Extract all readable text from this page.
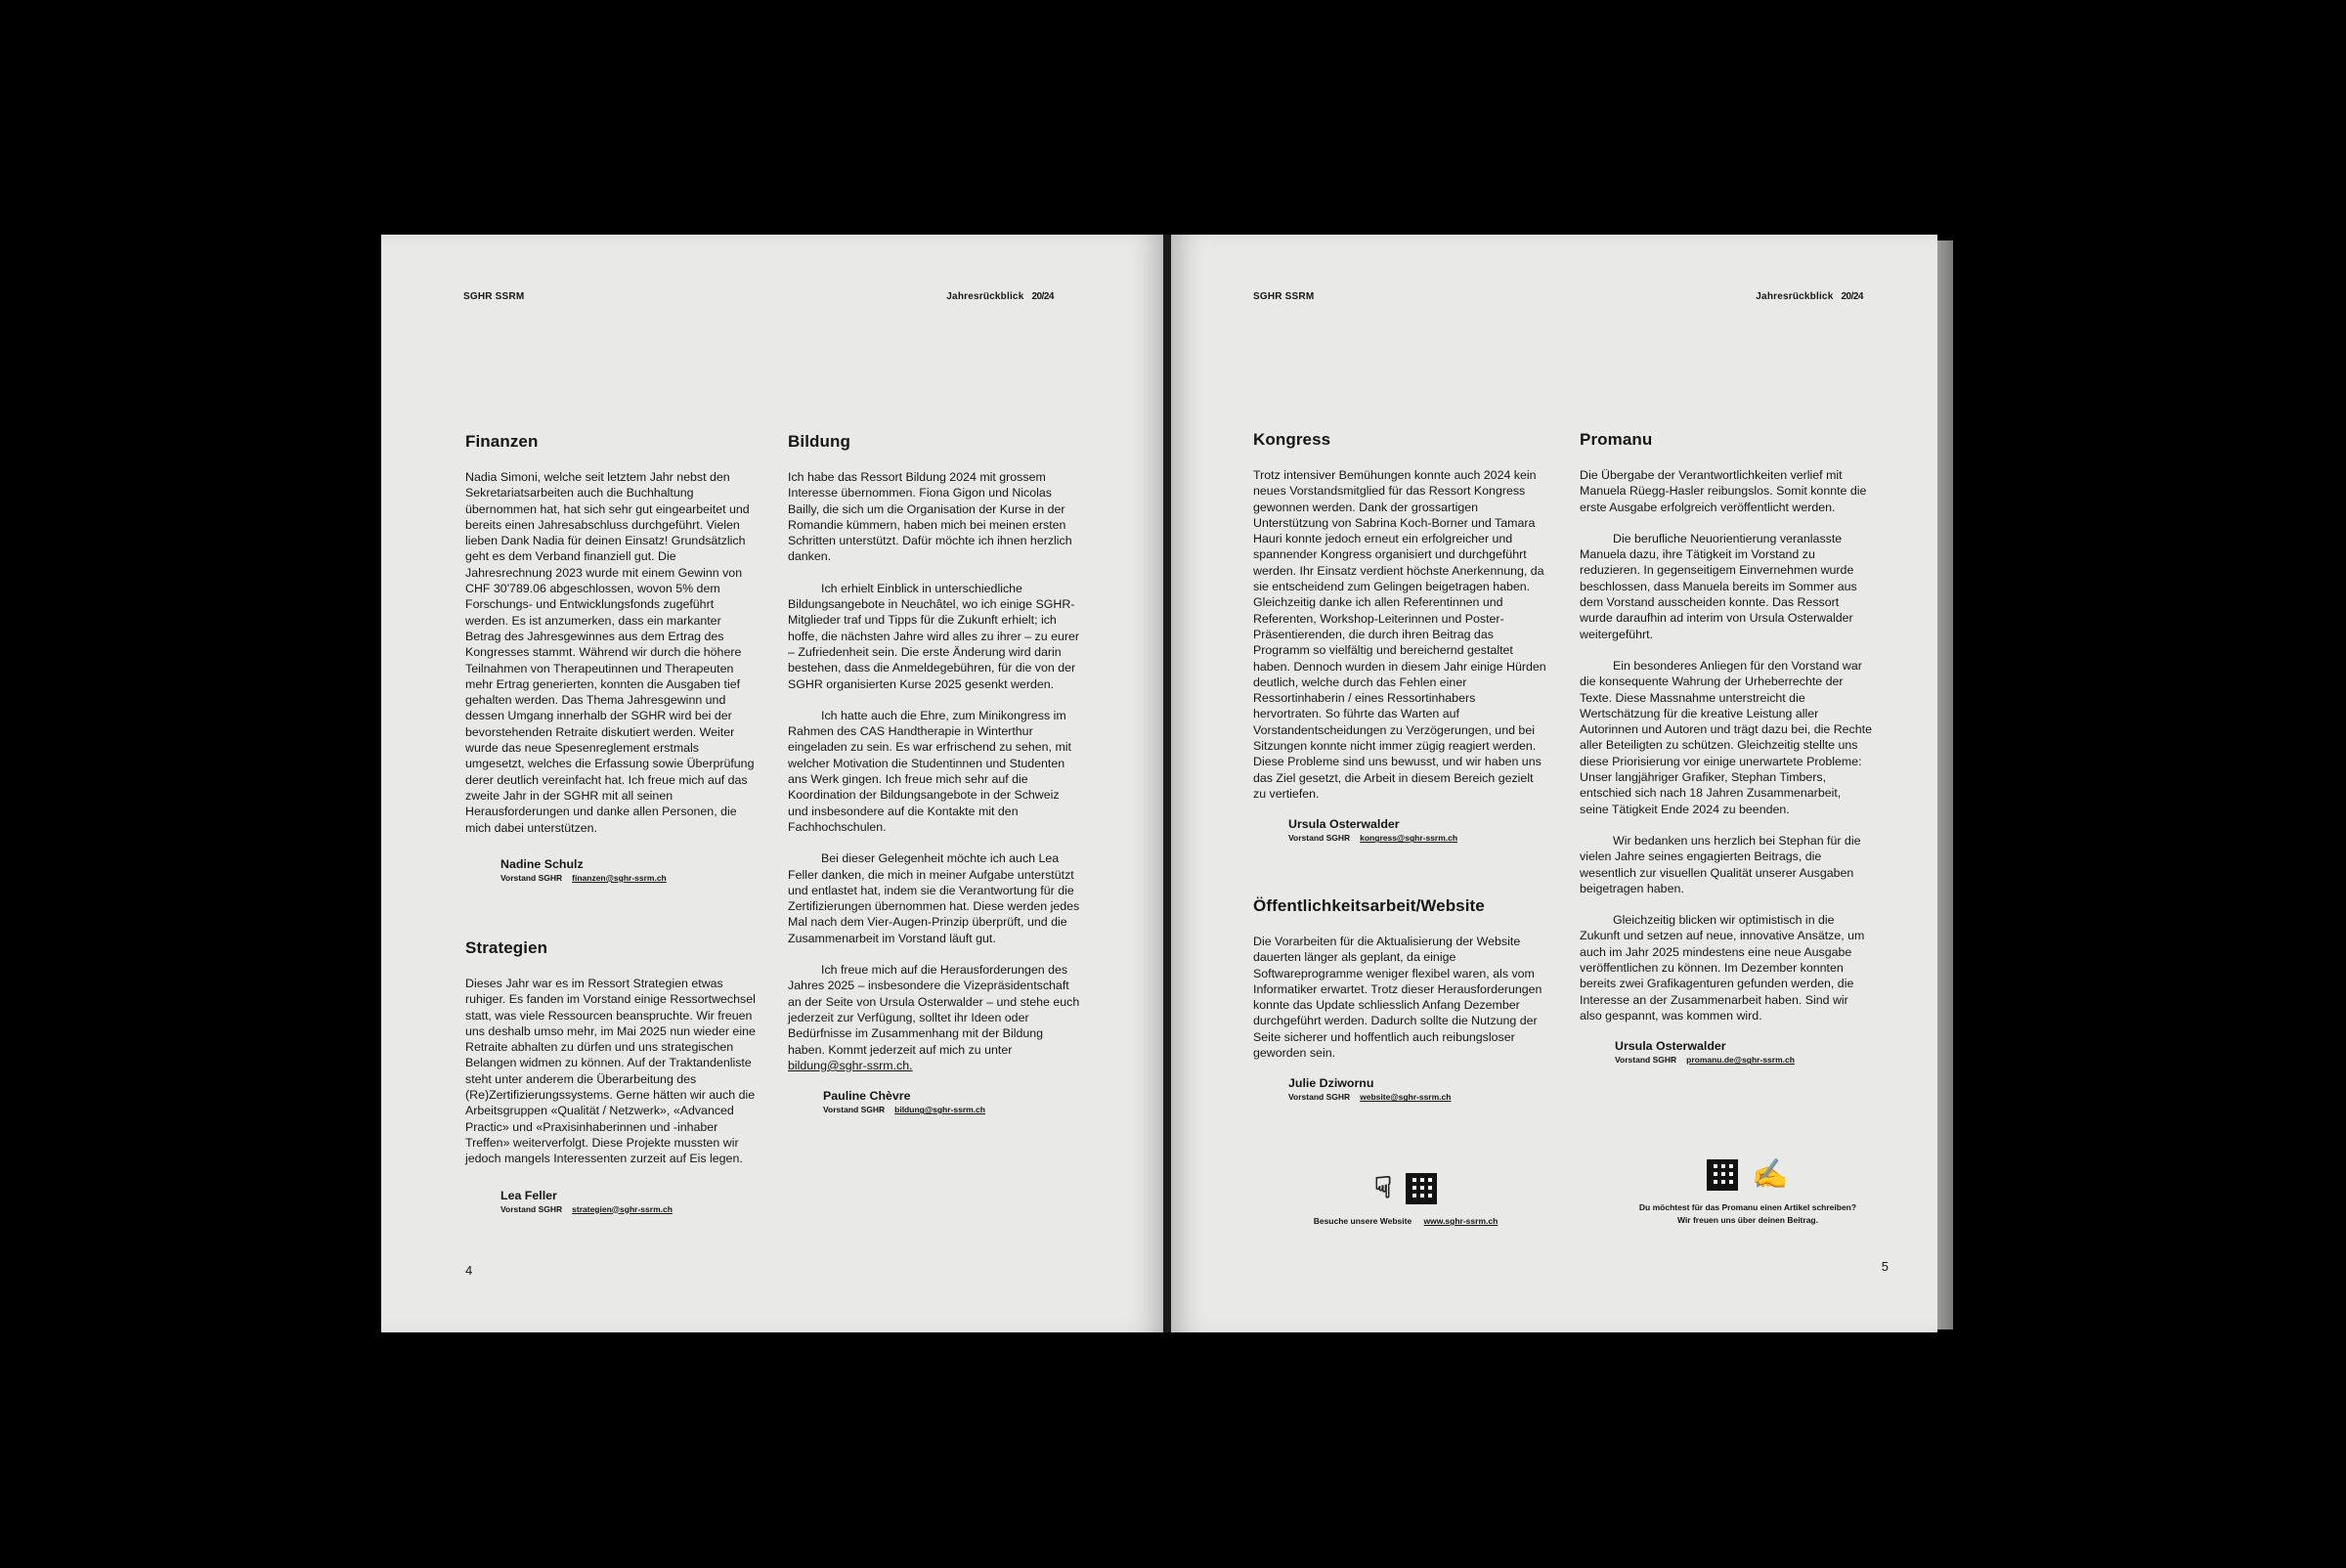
SGHR SSRM	Jahresrückblick 20/24
Finanzen

Nadia Simoni, welche seit letztem Jahr nebst den Sekretariatsarbeiten auch die Buchhaltung übernommen hat, hat sich sehr gut eingearbeitet und bereits einen Jahresabschluss durchgeführt. Vielen lieben Dank Nadia für deinen Einsatz! Grundsätzlich geht es dem Verband finanziell gut. Die Jahresrechnung 2023 wurde mit einem Gewinn von CHF 30'789.06 abgeschlossen, wovon 5% dem Forschungs- und Entwicklungsfonds zugeführt werden. Es ist anzumerken, dass ein markanter Betrag des Jahresgewinnes aus dem Ertrag des Kongresses stammt. Während wir durch die höhere Teilnahmen von Therapeutinnen und Therapeuten mehr Ertrag generierten, konnten die Ausgaben tief gehalten werden. Das Thema Jahresgewinn und dessen Umgang innerhalb der SGHR wird bei der bevorstehenden Retraite diskutiert werden. Weiter wurde das neue Spesenreglement erstmals umgesetzt, welches die Erfassung sowie Überprüfung derer deutlich vereinfacht hat. Ich freue mich auf das zweite Jahr in der SGHR mit all seinen Herausforderungen und danke allen Personen, die mich dabei unterstützen.

Nadine Schulz
Vorstand SGHR finanzen@sghr-ssrm.ch
Strategien

Dieses Jahr war es im Ressort Strategien etwas ruhiger. Es fanden im Vorstand einige Ressortwechsel statt, was viele Ressourcen beanspruchte. Wir freuen uns deshalb umso mehr, im Mai 2025 nun wieder eine Retraite abhalten zu dürfen und uns strategischen Belangen widmen zu können. Auf der Traktandenliste steht unter anderem die Überarbeitung des (Re)Zertifizierungssystems. Gerne hätten wir auch die Arbeitsgruppen «Qualität / Netzwerk», «Advanced Practic» und «Praxisinhaberinnen und -inhaber Treffen» weiterverfolgt. Diese Projekte mussten wir jedoch mangels Interessenten zurzeit auf Eis legen.

Lea Feller
Vorstand SGHR strategien@sghr-ssrm.ch
Bildung

Ich habe das Ressort Bildung 2024 mit grossem Interesse übernommen. Fiona Gigon und Nicolas Bailly, die sich um die Organisation der Kurse in der Romandie kümmern, haben mich bei meinen ersten Schritten unterstützt. Dafür möchte ich ihnen herzlich danken.

Ich erhielt Einblick in unterschiedliche Bildungsangebote in Neuchâtel, wo ich einige SGHR-Mitglieder traf und Tipps für die Zukunft erhielt; ich hoffe, die nächsten Jahre wird alles zu ihrer – zu eurer – Zufriedenheit sein. Die erste Änderung wird darin bestehen, dass die Anmeldegebühren, für die von der SGHR organisierten Kurse 2025 gesenkt werden.

Ich hatte auch die Ehre, zum Minikongress im Rahmen des CAS Handtherapie in Winterthur eingeladen zu sein. Es war erfrischend zu sehen, mit welcher Motivation die Studentinnen und Studenten ans Werk gingen. Ich freue mich sehr auf die Koordination der Bildungsangebote in der Schweiz und insbesondere auf die Kontakte mit den Fachhochschulen.

Bei dieser Gelegenheit möchte ich auch Lea Feller danken, die mich in meiner Aufgabe unterstützt und entlastet hat, indem sie die Verantwortung für die Zertifizierungen übernommen hat. Diese werden jedes Mal nach dem Vier-Augen-Prinzip überprüft, und die Zusammenarbeit im Vorstand läuft gut.

Ich freue mich auf die Herausforderungen des Jahres 2025 – insbesondere die Vizepräsidentschaft an der Seite von Ursula Osterwalder – und stehe euch jederzeit zur Verfügung, solltet ihr Ideen oder Bedürfnisse im Zusammenhang mit der Bildung haben. Kommt jederzeit auf mich zu unter

bildung@sghr-ssrm.ch.

Pauline Chèvre
Vorstand SGHR bildung@sghr-ssrm.ch
4
SGHR SSRM	Jahresrückblick 20/24
Kongress

Trotz intensiver Bemühungen konnte auch 2024 kein neues Vorstandsmitglied für das Ressort Kongress gewonnen werden. Dank der grossartigen Unterstützung von Sabrina Koch-Borner und Tamara Hauri konnte jedoch erneut ein erfolgreicher und spannender Kongress organisiert und durchgeführt werden. Ihr Einsatz verdient höchste Anerkennung, da sie entscheidend zum Gelingen beigetragen haben. Gleichzeitig danke ich allen Referentinnen und Referenten, Workshop-Leiterinnen und Poster-Präsentierenden, die durch ihren Beitrag das Programm so vielfältig und bereichernd gestaltet haben. Dennoch wurden in diesem Jahr einige Hürden deutlich, welche durch das Fehlen einer Ressortinhaberin / eines Ressortinhabers hervortraten. So führte das Warten auf Vorstandentscheidungen zu Verzögerungen, und bei Sitzungen konnte nicht immer zügig reagiert werden. Diese Probleme sind uns bewusst, und wir haben uns das Ziel gesetzt, die Arbeit in diesem Bereich gezielt zu vertiefen.

Ursula Osterwalder
Vorstand SGHR kongress@sghr-ssrm.ch
Öffentlichkeitsarbeit/Website

Die Vorarbeiten für die Aktualisierung der Website dauerten länger als geplant, da einige Softwareprogramme weniger flexibel waren, als vom Informatiker erwartet. Trotz dieser Herausforderungen konnte das Update schliesslich Anfang Dezember durchgeführt werden. Dadurch sollte die Nutzung der Seite sicherer und hoffentlich auch reibungsloser geworden sein.

Julie Dziwornu
Vorstand SGHR website@sghr-ssrm.ch
Promanu

Die Übergabe der Verantwortlichkeiten verlief mit Manuela Rüegg-Hasler reibungslos. Somit konnte die erste Ausgabe erfolgreich veröffentlicht werden.

Die berufliche Neuorientierung veranlasste Manuela dazu, ihre Tätigkeit im Vorstand zu reduzieren. In gegenseitigem Einvernehmen wurde beschlossen, dass Manuela bereits im Sommer aus dem Vorstand ausscheiden konnte. Das Ressort wurde daraufhin ad interim von Ursula Osterwalder weitergeführt.

Ein besonderes Anliegen für den Vorstand war die konsequente Wahrung der Urheberrechte der Texte. Diese Massnahme unterstreicht die Wertschätzung für die kreative Leistung aller Autorinnen und Autoren und trägt dazu bei, die Rechte aller Beteiligten zu schützen. Gleichzeitig stellte uns diese Priorisierung vor einige unerwartete Probleme: Unser langjähriger Grafiker, Stephan Timbers, entschied sich nach 18 Jahren Zusammenarbeit, seine Tätigkeit Ende 2024 zu beenden.

Wir bedanken uns herzlich bei Stephan für die vielen Jahre seines engagierten Beitrags, die wesentlich zur visuellen Qualität unserer Ausgaben beigetragen haben.

Gleichzeitig blicken wir optimistisch in die Zukunft und setzen auf neue, innovative Ansätze, um auch im Jahr 2025 mindestens eine neue Ausgabe veröffentlichen zu können. Im Dezember konnten bereits zwei Grafikagenturen gefunden werden, die Interesse an der Zusammenarbeit haben. Sind wir also gespannt, was kommen wird.

Ursula Osterwalder
Vorstand SGHR promanu.de@sghr-ssrm.ch
☟
Besuche unsere Website www.sghr-ssrm.ch
✍
Du möchtest für das Promanu einen Artikel schreiben?
Wir freuen uns über deinen Beitrag.
5
